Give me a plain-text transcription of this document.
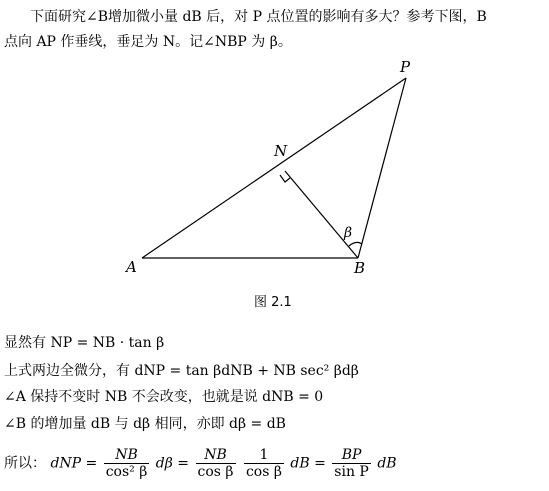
下面研究∠B增加微小量 dB 后，对 P 点位置的影响有多大？参考下图，B
点向 AP 作垂线，垂足为 N。记∠NBP 为 β。
P
N
A	B
β
图 2.1
显然有 NP = NB · tan β
上式两边全微分，有 dNP = tan βdNB + NB sec² βdβ
∠A 保持不变时 NB 不会改变，也就是说 dNB = 0
∠B 的增加量 dB 与 dβ 相同，亦即 dβ = dB
所以： dNP = $\frac{NB}{\text{cos² β}}$ $d\beta = \frac{NB}{\text{cos β}}$
$\frac{1}{\text{cos β}}$ dB = $\frac{BP}{\text{sin P}}$ dB
